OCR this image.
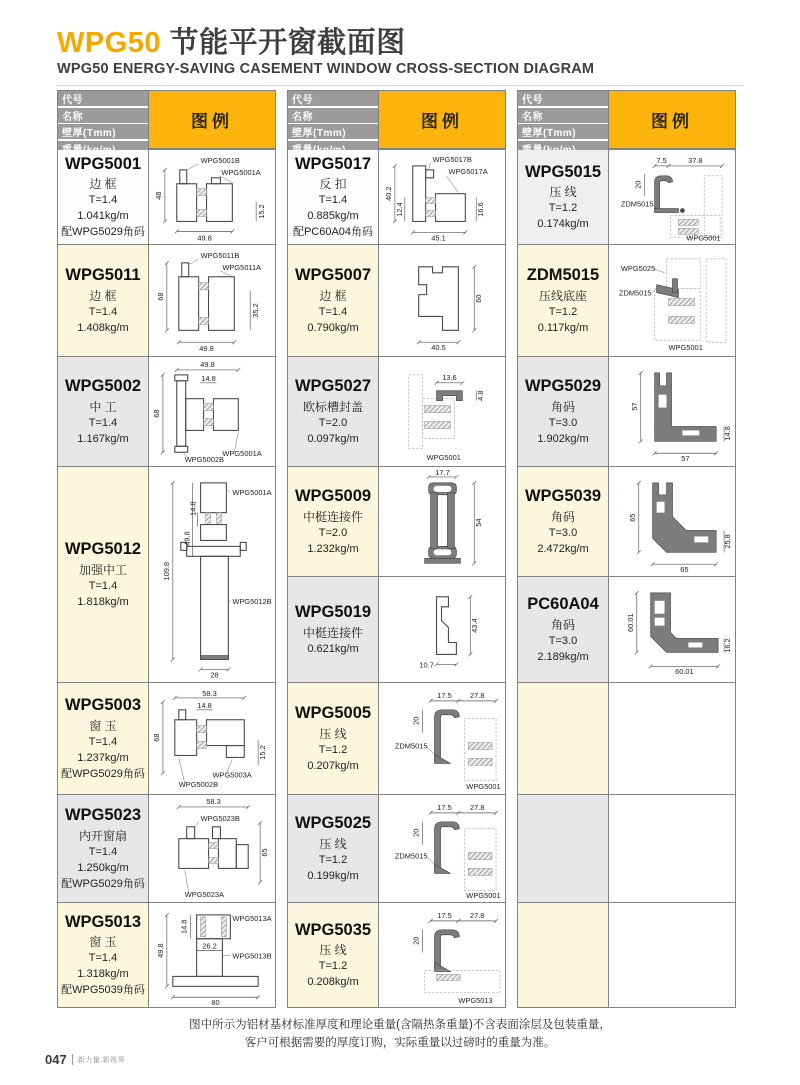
WPG50 节能平开窗截面图
WPG50 ENERGY-SAVING CASEMENT WINDOW CROSS-SECTION DIAGRAM
代号
名称
壁厚(Tmm)
图例
WPG5001
边 框
T=1.4
1.041kg/m
配WPG5029角码
48
49.8
15.2
WPG5001B
WPG5001A
WPG5011
边 框
T=1.4
1.408kg/m
68
35.2
49.8
WPG5011B
WPG5011A
WPG5002
中 工
T=1.4
1.167kg/m
49.8
14.8
68
WPG5002B
WPG5001A
WPG5012
加强中工
T=1.4
1.818kg/m
49.8
14.8
109.8
28
WPG5001A
WPG5012B
WPG5003
窗 玉
T=1.4
1.237kg/m
配WPG5029角码
58.3
14.8
68
15.2
WPG5003A
WPG5002B
WPG5023
内开窗扇
T=1.4
1.250kg/m
配WPG5029角码
58.3
65
WPG5023B
WPG5023A
WPG5013
窗 玉
T=1.4
1.318kg/m
配WPG5039角码
14.8
49.8	26.2
80
WPG5013A
WPG5013B
代号
名称
壁厚(Tmm)
图例
WPG5017
反 扣
T=1.4
0.885kg/m
配PC60A04角码
40.2
12.4	16.6
45.1
WPG5017B
WPG5017A
WPG5007
边 框
T=1.4
0.790kg/m
60
40.5
WPG5027
欧标槽封盖
T=2.0
0.097kg/m
13.6
4.8
WPG5001
WPG5009
中梃连接件
T=2.0
1.232kg/m
17.7
54
WPG5019
中梃连接件
0.621kg/m
43.4
10.7
WPG5005
压 线
T=1.2
0.207kg/m
17.5 27.8
20
ZDM5015
WPG5001
WPG5025
压 线
T=1.2
0.199kg/m
17.5 27.8
20
ZDM5015
WPG5001
WPG5035
压 线
T=1.2
0.208kg/m
17.5 27.8
20
WPG5013
代号
名称
壁厚(Tmm)
图例
WPG5015
压 线
T=1.2
0.174kg/m
7.5	37.8
20
ZDM5015
WPG5001
ZDM5015
压线底座
T=1.2
0.117kg/m
WPG5025
ZDM5015
WPG5001
WPG5029
角码
T=3.0
1.902kg/m
57
14.8
57
WPG5039
角码
T=3.0
2.472kg/m
65
25.8
65
PC60A04
角码
T=3.0
2.189kg/m
60.01
16.2
60.01
图中所示为铝材基材标准厚度和理论重量(含隔热条重量)不含表面涂层及包装重量，
客户可根据需要的厚度订购，实际重量以过磅时的重量为准。
047 新力量.新视界
